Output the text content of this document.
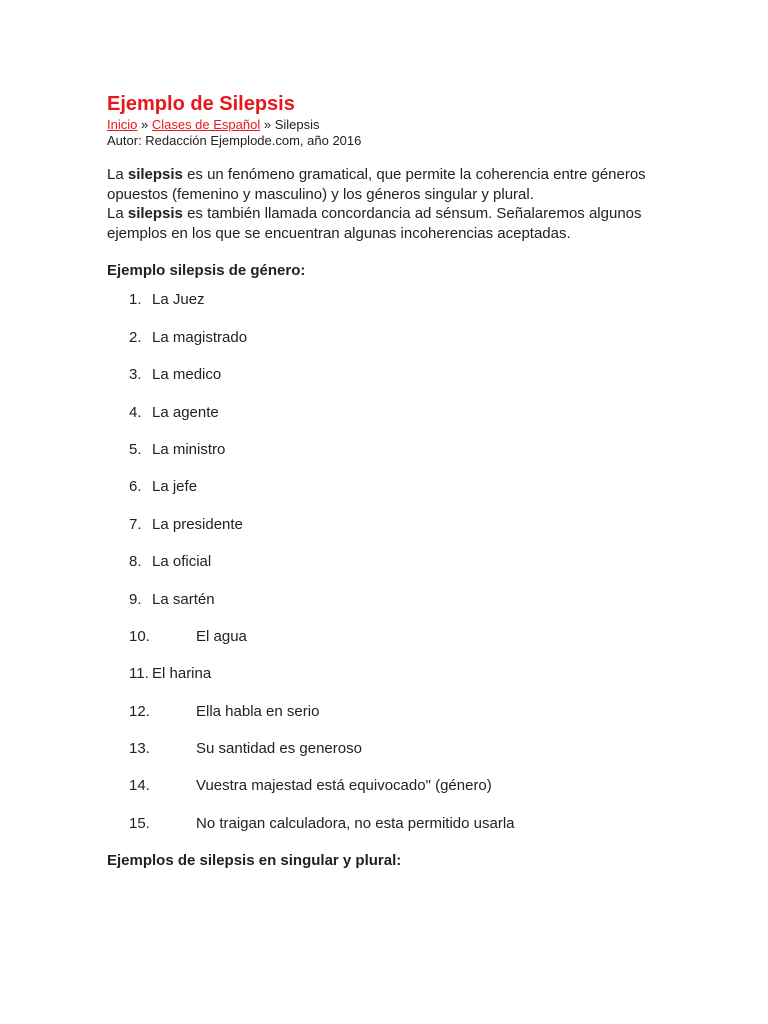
Ejemplo de Silepsis
Inicio » Clases de Español » Silepsis
Autor: Redacción Ejemplode.com, año 2016
La silepsis es un fenómeno gramatical, que permite la coherencia entre géneros opuestos (femenino y masculino) y los géneros singular y plural.
La silepsis es también llamada concordancia ad sénsum. Señalaremos algunos ejemplos en los que se encuentran algunas incoherencias aceptadas.
Ejemplo silepsis de género:
1. La Juez
2. La magistrado
3. La medico
4. La agente
5. La ministro
6. La jefe
7. La presidente
8. La oficial
9. La sartén
10.	El agua
11. El harina
12.	Ella habla en serio
13.	Su santidad es generoso
14.	Vuestra majestad está equivocado" (género)
15.	No traigan calculadora, no esta permitido usarla
Ejemplos de silepsis en singular y plural:
